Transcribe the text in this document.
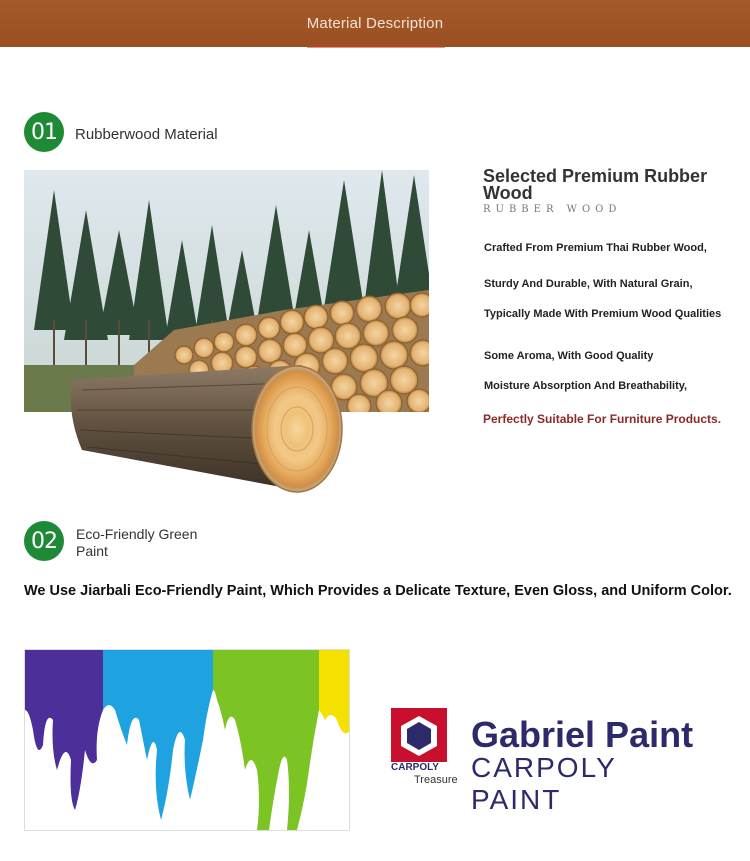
Material Description
01	Rubberwood Material
Selected Premium Rubber Wood
RUBBER WOOD
Crafted From Premium Thai Rubber Wood,
Sturdy And Durable, With Natural Grain,
Typically Made With Premium Wood Qualities
Some Aroma, With Good Quality
Moisture Absorption And Breathability,
Perfectly Suitable For Furniture Products.
02	Eco-Friendly Green Paint
We Use Jiarbali Eco-Friendly Paint, Which Provides a Delicate Texture, Even Gloss, and Uniform Color.
CARPOLY
Treasure
Gabriel Paint
CARPOLY PAINT
